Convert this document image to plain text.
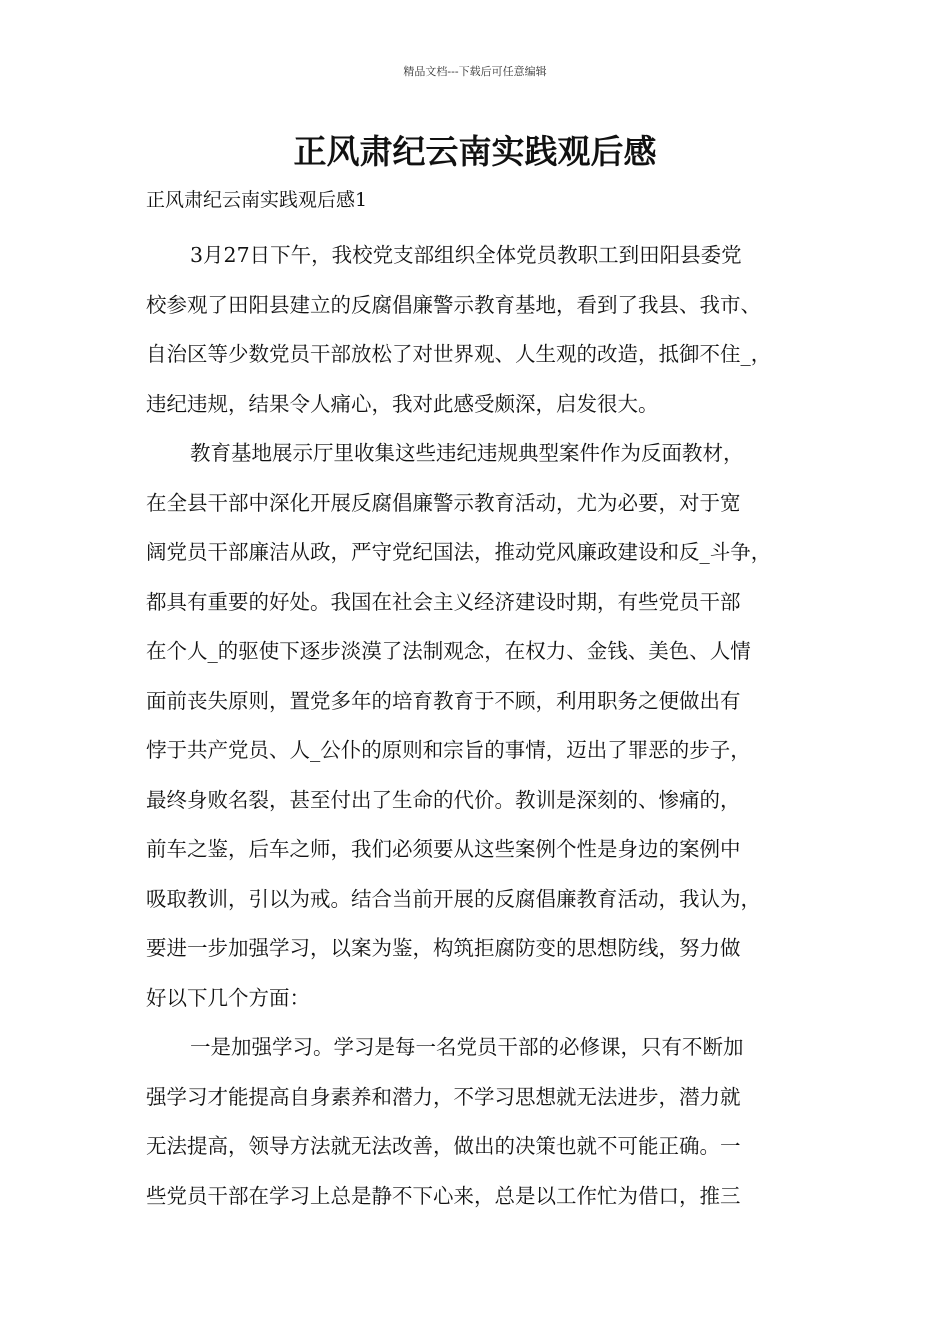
精品文档---下载后可任意编辑
正风肃纪云南实践观后感
正风肃纪云南实践观后感1

3月27日下午，我校党支部组织全体党员教职工到田阳县委党
校参观了田阳县建立的反腐倡廉警示教育基地，看到了我县、我市、
自治区等少数党员干部放松了对世界观、人生观的改造，抵御不住_，
违纪违规，结果令人痛心，我对此感受颇深，启发很大。

教育基地展示厅里收集这些违纪违规典型案件作为反面教材，
在全县干部中深化开展反腐倡廉警示教育活动，尤为必要，对于宽
阔党员干部廉洁从政，严守党纪国法，推动党风廉政建设和反_斗争，
都具有重要的好处。我国在社会主义经济建设时期，有些党员干部
在个人_的驱使下逐步淡漠了法制观念，在权力、金钱、美色、人情
面前丧失原则，置党多年的培育教育于不顾，利用职务之便做出有
悖于共产党员、人_公仆的原则和宗旨的事情，迈出了罪恶的步子，
最终身败名裂，甚至付出了生命的代价。教训是深刻的、惨痛的，
前车之鉴，后车之师，我们必须要从这些案例个性是身边的案例中
吸取教训，引以为戒。结合当前开展的反腐倡廉教育活动，我认为，
要进一步加强学习，以案为鉴，构筑拒腐防变的思想防线，努力做
好以下几个方面：

一是加强学习。学习是每一名党员干部的必修课，只有不断加
强学习才能提高自身素养和潜力，不学习思想就无法进步，潜力就
无法提高，领导方法就无法改善，做出的决策也就不可能正确。一
些党员干部在学习上总是静不下心来，总是以工作忙为借口，推三
